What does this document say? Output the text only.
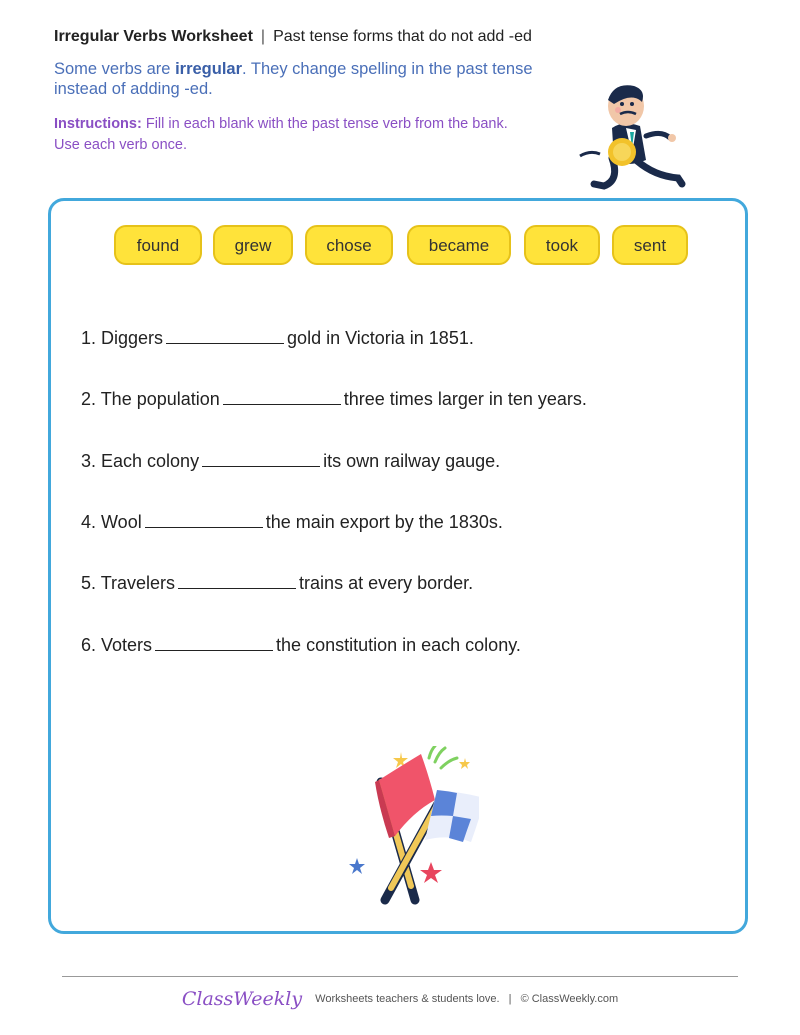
Irregular Verbs Worksheet | Past tense forms that do not add -ed
Some verbs are irregular. They change spelling in the past tense instead of adding -ed.
Instructions: Fill in each blank with the past tense verb from the bank. Use each verb once.
found	grew	chose	became	took	sent
1. Diggers	gold in Victoria in 1851.
2. The population	three times larger in ten years.
3. Each colony	its own railway gauge.
4. Wool	the main export by the 1830s.
5. Travelers	trains at every border.
6. Voters	the constitution in each colony.
ClassWeekly Worksheets teachers & students love. | © ClassWeekly.com
